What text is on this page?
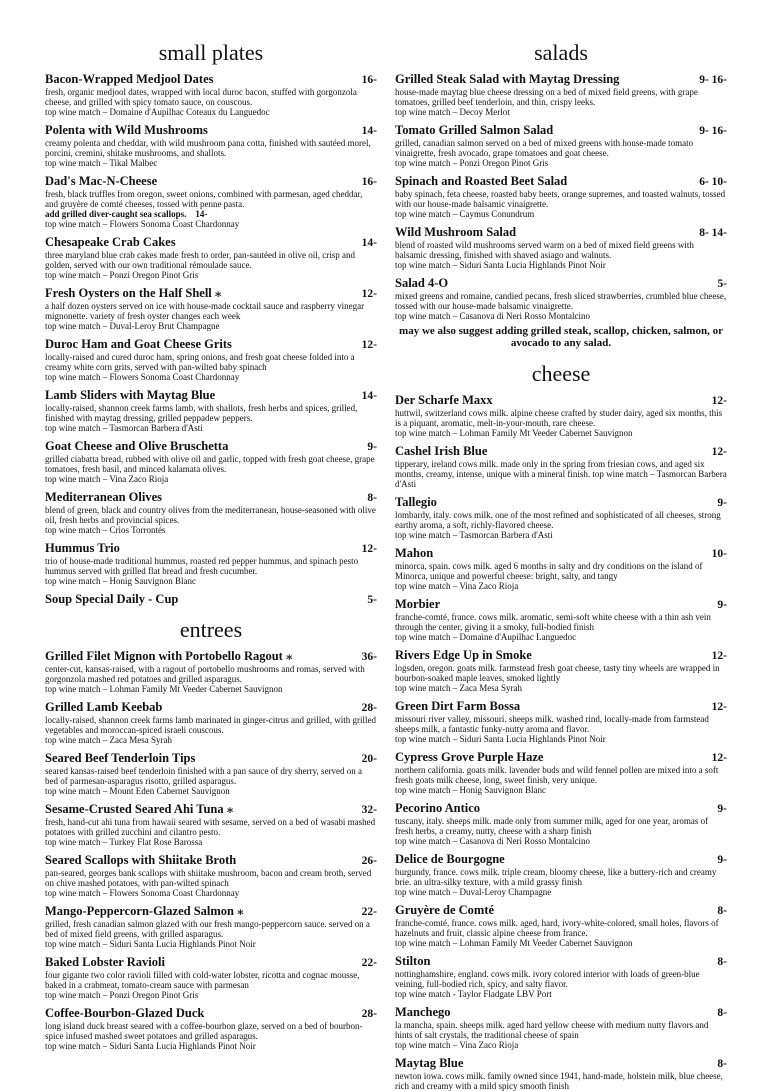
small plates
Bacon-Wrapped Medjool Dates	16-
fresh, organic medjool dates, wrapped with local duroc bacon, stuffed with gorgonzola cheese, and grilled with spicy tomato sauce, on couscous.
top wine match – Domaine d'Aupilhac Coteaux du Languedoc
Polenta with Wild Mushrooms	14-
creamy polenta and cheddar, with wild mushroom pana cotta, finished with sautéed morel, porcini, cremini, shitake mushrooms, and shallots.
top wine match – Tikal Malbec
Dad's Mac-N-Cheese	16-
fresh, black truffles from oregon, sweet onions, combined with parmesan, aged cheddar, and gruyère de comté cheeses, tossed with penne pasta.
add grilled diver-caught sea scallops. 14-
top wine match – Flowers Sonoma Coast Chardonnay
Chesapeake Crab Cakes	14-
three maryland blue crab cakes made fresh to order, pan-sautéed in olive oil, crisp and golden, served with our own traditional rémoulade sauce.
top wine match – Ponzi Oregon Pinot Gris
Fresh Oysters on the Half Shell ⁎	12-
a half dozen oysters served on ice with house-made cocktail sauce and raspberry vinegar mignonette. variety of fresh oyster changes each week
top wine match – Duval-Leroy Brut Champagne
Duroc Ham and Goat Cheese Grits	12-
locally-raised and cured duroc ham, spring onions, and fresh goat cheese folded into a creamy white corn grits, served with pan-wilted baby spinach
top wine match – Flowers Sonoma Coast Chardonnay
Lamb Sliders with Maytag Blue	14-
locally-raised, shannon creek farms lamb, with shallots, fresh herbs and spices, grilled, finished with maytag dressing, grilled peppadew peppers.
top wine match – Tasmorcan Barbera d'Asti
Goat Cheese and Olive Bruschetta	9-
grilled ciabatta bread, rubbed with olive oil and garlic, topped with fresh goat cheese, grape tomatoes, fresh basil, and minced kalamata olives.
top wine match – Vina Zaco Rioja
Mediterranean Olives	8-
blend of green, black and country olives from the mediterranean, house-seasoned with olive oil, fresh herbs and provincial spices.
top wine match – Crios Torrontés
Hummus Trio	12-
trio of house-made traditional hummus, roasted red pepper hummus, and spinach pesto hummus served with grilled flat bread and fresh cucumber.
top wine match – Honig Sauvignon Blanc
Soup Special Daily - Cup	5-
entrees
Grilled Filet Mignon with Portobello Ragout ⁎	36-
center-cut, kansas-raised, with a ragout of portobello mushrooms and romas, served with gorgonzola mashed red potatoes and grilled asparagus.
top wine match – Lohman Family Mt Veeder Cabernet Sauvignon
Grilled Lamb Keebab	28-
locally-raised, shannon creek farms lamb marinated in ginger-citrus and grilled, with grilled vegetables and moroccan-spiced israeli couscous.
top wine match – Zaca Mesa Syrah
Seared Beef Tenderloin Tips	20-
seared kansas-raised beef tenderloin finished with a pan sauce of dry sherry, served on a bed of parmesan-asparagus risotto, grilled asparagus.
top wine match – Mount Eden Cabernet Sauvignon
Sesame-Crusted Seared Ahi Tuna ⁎	32-
fresh, hand-cut ahi tuna from hawaii seared with sesame, served on a bed of wasabi mashed potatoes with grilled zucchini and cilantro pesto.
top wine match – Turkey Flat Rose Barossa
Seared Scallops with Shiitake Broth	26-
pan-seared, georges bank scallops with shiitake mushroom, bacon and cream broth, served on chive mashed potatoes, with pan-wilted spinach
top wine match – Flowers Sonoma Coast Chardonnay
Mango-Peppercorn-Glazed Salmon ⁎	22-
grilled, fresh canadian salmon glazed with our fresh mango-peppercorn sauce. served on a bed of mixed field greens, with grilled asparagus.
top wine match – Siduri Santa Lucia Highlands Pinot Noir
Baked Lobster Ravioli	22-
four gigante two color ravioli filled with cold-water lobster, ricotta and cognac mousse, baked in a crabmeat, tomato-cream sauce with parmesan
top wine match – Ponzi Oregon Pinot Gris
Coffee-Bourbon-Glazed Duck	28-
long island duck breast seared with a coffee-bourbon glaze, served on a bed of bourbon-spice infused mashed sweet potatoes and grilled asparagus.
top wine match – Siduri Santa Lucia Highlands Pinot Noir
salads
Grilled Steak Salad with Maytag Dressing	9- 16-
house-made maytag blue cheese dressing on a bed of mixed field greens, with grape tomatoes, grilled beef tenderloin, and thin, crispy leeks.
top wine match – Decoy Merlot
Tomato Grilled Salmon Salad	9- 16-
grilled, canadian salmon served on a bed of mixed greens with house-made tomato vinaigrette, fresh avocado, grape tomatoes and goat cheese.
top wine match – Ponzi Oregon Pinot Gris
Spinach and Roasted Beet Salad	6- 10-
baby spinach, feta cheese, roasted baby beets, orange supremes, and toasted walnuts, tossed with our house-made balsamic vinaigrette.
top wine match – Caymus Conundrum
Wild Mushroom Salad	8- 14-
blend of roasted wild mushrooms served warm on a bed of mixed field greens with balsamic dressing, finished with shaved asiago and walnuts.
top wine match – Siduri Santa Lucia Highlands Pinot Noir
Salad 4-O	5-
mixed greens and romaine, candied pecans, fresh sliced strawberries, crumbled blue cheese, tossed with our house-made balsamic vinaigrette.
top wine match – Casanova di Neri Rosso Montalcino
may we also suggest adding grilled steak, scallop, chicken, salmon, or avocado to any salad.
cheese
Der Scharfe Maxx	12-
huttwil, switzerland cows milk. alpine cheese crafted by studer dairy, aged six months, this is a piquant, aromatic, melt-in-your-mouth, rare cheese.
top wine match – Lohman Family Mt Veeder Cabernet Sauvignon
Cashel Irish Blue	12-
tipperary, ireland cows milk. made only in the spring from friesian cows, and aged six months, creamy, intense, unique with a mineral finish. top wine match – Tasmorcan Barbera d'Asti
Tallegio	9-
lombardy, italy. cows milk. one of the most refined and sophisticated of all cheeses, strong earthy aroma, a soft, richly-flavored cheese.
top wine match – Tasmorcan Barbera d'Asti
Mahon	10-
minorca, spain. cows milk. aged 6 months in salty and dry conditions on the island of Minorca, unique and powerful cheese: bright, salty, and tangy
top wine match – Vina Zaco Rioja
Morbier	9-
franche-comté, france. cows milk. aromatic, semi-soft white cheese with a thin ash vein through the center, giving it a smoky, full-bodied finish
top wine match – Domaine d'Aupilhac Languedoc
Rivers Edge Up in Smoke	12-
logsden, oregon. goats milk. farmstead fresh goat cheese, tasty tiny wheels are wrapped in bourbon-soaked maple leaves, smoked lightly
top wine match – Zaca Mesa Syrah
Green Dirt Farm Bossa	12-
missouri river valley, missouri. sheeps milk. washed rind, locally-made from farmstead sheeps milk, a fantastic funky-nutty aroma and flavor.
top wine match – Siduri Santa Lucia Highlands Pinot Noir
Cypress Grove Purple Haze	12-
northern california. goats milk. lavender buds and wild fennel pollen are mixed into a soft fresh goats milk cheese, long, sweet finish, very unique.
top wine match – Honig Sauvignon Blanc
Pecorino Antico	9-
tuscany, italy. sheeps milk. made only from summer milk, aged for one year, aromas of fresh herbs, a creamy, nutty, cheese with a sharp finish
top wine match – Casanova di Neri Rosso Montalcino
Delice de Bourgogne	9-
burgundy, france. cows milk. triple cream, bloomy cheese, like a buttery-rich and creamy brie. an ultra-silky texture, with a mild grassy finish
top wine match – Duval-Leroy Champagne
Gruyère de Comté	8-
franche-comté, france. cows milk. aged, hard, ivory-white-colored, small holes, flavors of hazelnuts and fruit, classic alpine cheese from france.
top wine match – Lohman Family Mt Veeder Cabernet Sauvignon
Stilton	8-
nottinghamshire, england. cows milk. ivory colored interior with loads of green-blue veining, full-bodied rich, spicy, and salty flavor.
top wine match - Taylor Fladgate LBV Port
Manchego	8-
la mancha, spain. sheeps milk. aged hard yellow cheese with medium nutty flavors and hints of salt crystals, the traditional cheese of spain
top wine match – Vina Zaco Rioja
Maytag Blue	8-
newton iowa. cows milk. family owned since 1941, hand-made, holstein milk, blue cheese, rich and creamy with a mild spicy smooth finish
